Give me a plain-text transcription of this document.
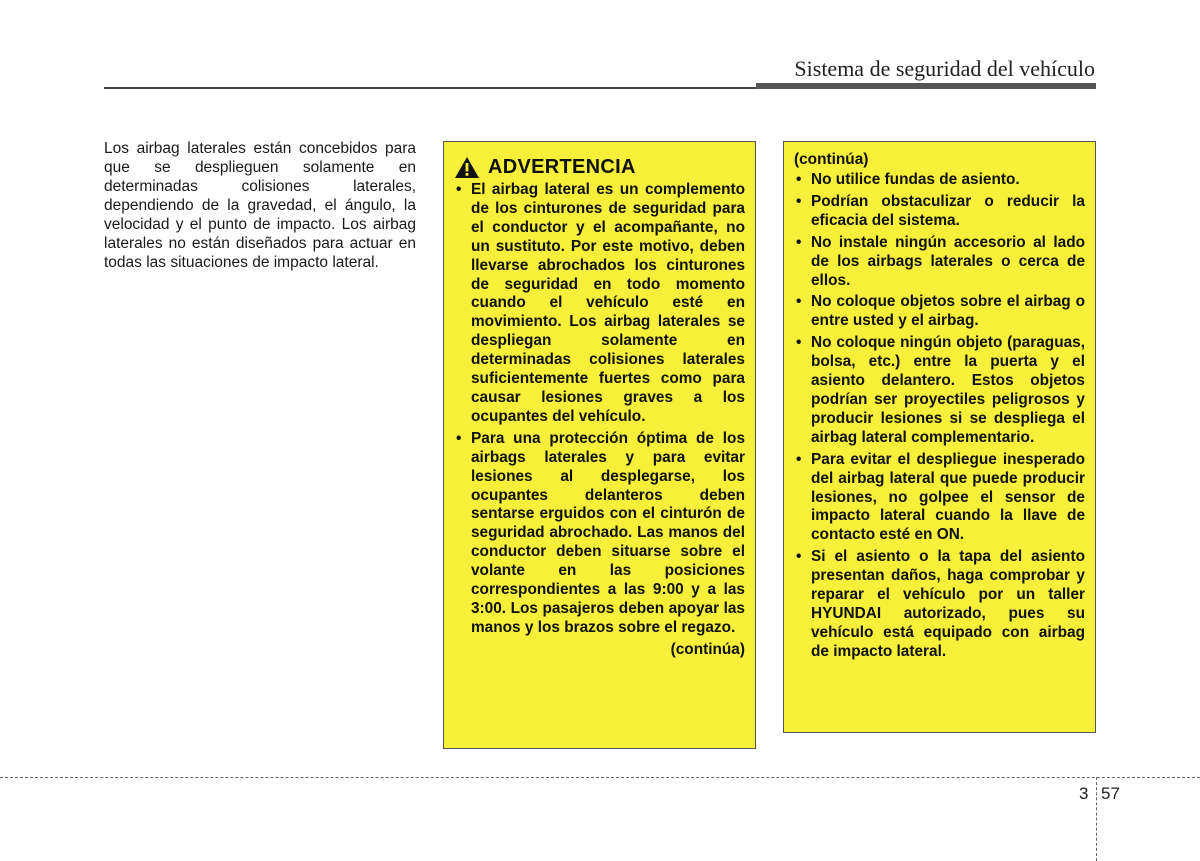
Sistema de seguridad del vehículo

Los airbag laterales están concebidos para que se desplieguen solamente en determinadas colisiones laterales, dependiendo de la gravedad, el ángulo, la velocidad y el punto de impacto. Los airbag laterales no están diseñados para actuar en todas las situaciones de impacto lateral.

ADVERTENCIA
• El airbag lateral es un complemento de los cinturones de seguridad para el conductor y el acompañante, no un sustituto. Por este motivo, deben llevarse abrochados los cinturones de seguridad en todo momento cuando el vehículo esté en movimiento. Los airbag laterales se despliegan solamente en determinadas colisiones laterales suficientemente fuertes como para causar lesiones graves a los ocupantes del vehículo.
• Para una protección óptima de los airbags laterales y para evitar lesiones al desplegarse, los ocupantes delanteros deben sentarse erguidos con el cinturón de seguridad abrochado. Las manos del conductor deben situarse sobre el volante en las posiciones correspondientes a las 9:00 y a las 3:00. Los pasajeros deben apoyar las manos y los brazos sobre el regazo.
(continúa)
(continúa)
• No utilice fundas de asiento.
• Podrían obstaculizar o reducir la eficacia del sistema.
• No instale ningún accesorio al lado de los airbags laterales o cerca de ellos.
• No coloque objetos sobre el airbag o entre usted y el airbag.
• No coloque ningún objeto (paraguas, bolsa, etc.) entre la puerta y el asiento delantero. Estos objetos podrían ser proyectiles peligrosos y producir lesiones si se despliega el airbag lateral complementario.
• Para evitar el despliegue inesperado del airbag lateral que puede producir lesiones, no golpee el sensor de impacto lateral cuando la llave de contacto esté en ON.
• Si el asiento o la tapa del asiento presentan daños, haga comprobar y reparar el vehículo por un taller HYUNDAI autorizado, pues su vehículo está equipado con airbag de impacto lateral.
3 57
